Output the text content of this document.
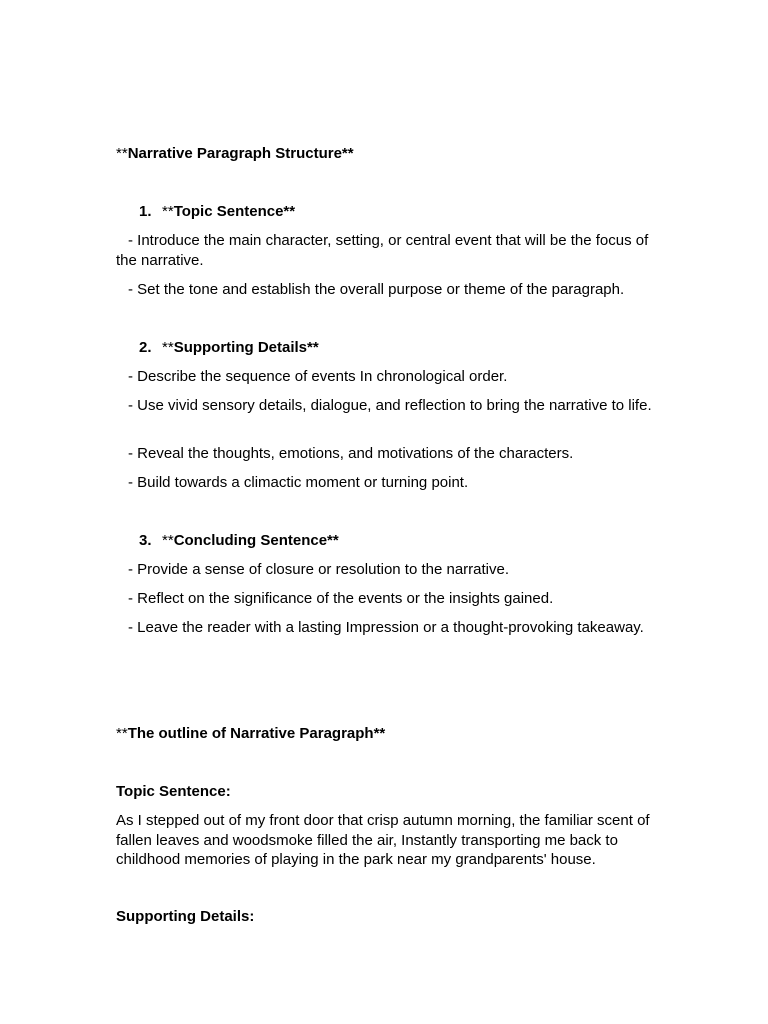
**Narrative Paragraph Structure**

1. **Topic Sentence**

- Introduce the main character, setting, or central event that will be the focus of the narrative.

- Set the tone and establish the overall purpose or theme of the paragraph.

2. **Supporting Details**

- Describe the sequence of events In chronological order.

- Use vivid sensory details, dialogue, and reflection to bring the narrative to life.

- Reveal the thoughts, emotions, and motivations of the characters.

- Build towards a climactic moment or turning point.

3. **Concluding Sentence**

- Provide a sense of closure or resolution to the narrative.

- Reflect on the significance of the events or the insights gained.

- Leave the reader with a lasting Impression or a thought-provoking takeaway.

**The outline of Narrative Paragraph**

Topic Sentence:

As I stepped out of my front door that crisp autumn morning, the familiar scent of fallen leaves and woodsmoke filled the air, Instantly transporting me back to childhood memories of playing in the park near my grandparents' house.

Supporting Details:
